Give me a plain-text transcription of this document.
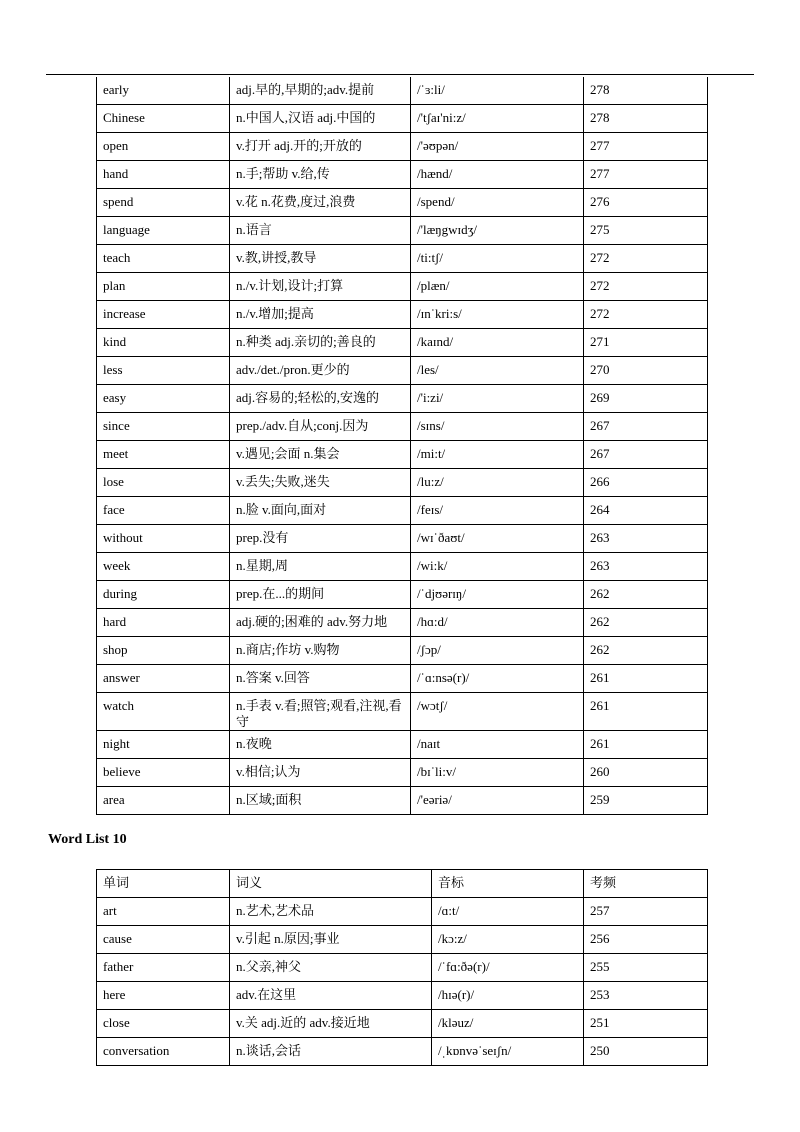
early	adj.早的,早期的;adv.提前	/ˈɜ:li/	278
Chinese	n.中国人,汉语 adj.中国的	/'tʃaɪ'ni:z/	278
open	v.打开 adj.开的;开放的	/'əʊpən/	277
hand	n.手;帮助 v.给,传	/hænd/	277
spend	v.花 n.花费,度过,浪费	/spend/	276
language	n.语言	/'læŋgwɪdʒ/	275
teach	v.教,讲授,教导	/ti:tʃ/	272
plan	n./v.计划,设计;打算	/plæn/	272
increase	n./v.增加;提高	/ɪnˈkri:s/	272
kind	n.种类 adj.亲切的;善良的	/kaɪnd/	271
less	adv./det./pron.更少的	/les/	270
easy	adj.容易的;轻松的,安逸的	/'i:zi/	269
since	prep./adv.自从;conj.因为	/sɪns/	267
meet	v.遇见;会面 n.集会	/mi:t/	267
lose	v.丢失;失败,迷失	/lu:z/	266
face	n.脸 v.面向,面对	/feɪs/	264
without	prep.没有	/wɪˈðaʊt/	263
week	n.星期,周	/wi:k/	263
during	prep.在...的期间	/ˈdjʊərɪŋ/	262
hard	adj.硬的;困难的 adv.努力地	/hɑ:d/	262
shop	n.商店;作坊 v.购物	/ʃɔp/	262
answer	n.答案 v.回答	/ˈɑ:nsə(r)/	261
watch	n.手表 v.看;照管;观看,注视,看守	/wɔtʃ/	261
night	n.夜晚	/naɪt	261
believe	v.相信;认为	/bɪˈli:v/	260
area	n.区域;面积	/'eəriə/	259
Word List 10
单词	词义	音标	考频
art	n.艺术,艺术品	/ɑ:t/	257
cause	v.引起 n.原因;事业	/kɔ:z/	256
father	n.父亲,神父	/ˈfɑ:ðə(r)/	255
here	adv.在这里	/hɪə(r)/	253
close	v.关 adj.近的 adv.接近地	/kləuz/	251
conversation	n.谈话,会话	/ˌkɒnvəˈseɪʃn/	250
